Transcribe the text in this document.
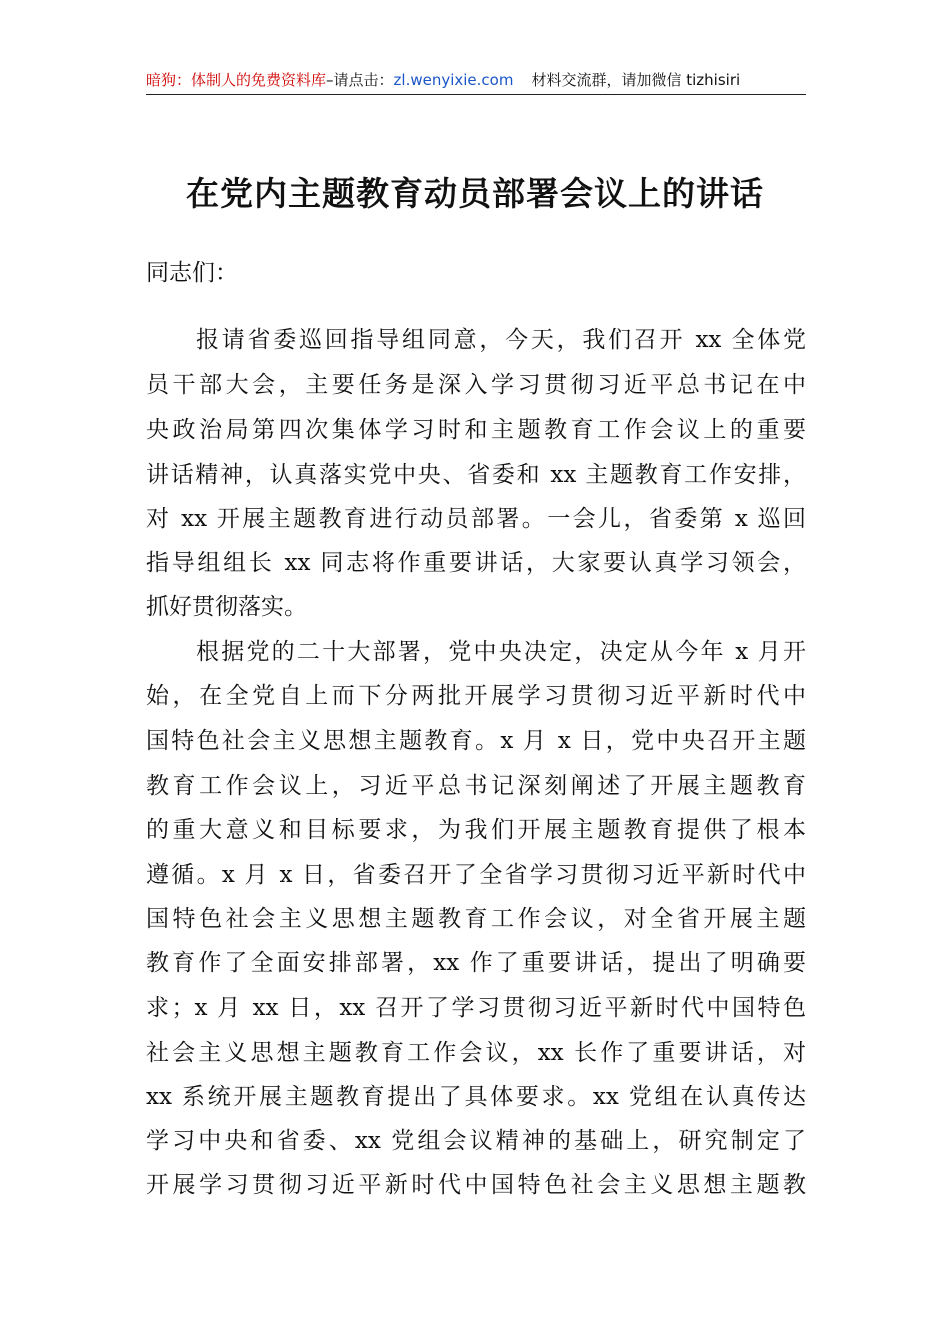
暗狗：体制人的免费资料库–请点击：zl.wenyixie.com 材料交流群，请加微信 tizhisiri
在党内主题教育动员部署会议上的讲话
同志们：
报请省委巡回指导组同意，今天，我们召开 xx 全体党
员干部大会，主要任务是深入学习贯彻习近平总书记在中
央政治局第四次集体学习时和主题教育工作会议上的重要
讲话精神，认真落实党中央、省委和 xx 主题教育工作安排，
对 xx 开展主题教育进行动员部署。一会儿，省委第 x 巡回
指导组组长 xx 同志将作重要讲话，大家要认真学习领会，
抓好贯彻落实。
根据党的二十大部署，党中央决定，决定从今年 x 月开
始，在全党自上而下分两批开展学习贯彻习近平新时代中
国特色社会主义思想主题教育。x 月 x 日，党中央召开主题
教育工作会议上，习近平总书记深刻阐述了开展主题教育
的重大意义和目标要求，为我们开展主题教育提供了根本
遵循。x 月 x 日，省委召开了全省学习贯彻习近平新时代中
国特色社会主义思想主题教育工作会议，对全省开展主题
教育作了全面安排部署，xx 作了重要讲话，提出了明确要
求；x 月 xx 日，xx 召开了学习贯彻习近平新时代中国特色
社会主义思想主题教育工作会议，xx 长作了重要讲话，对
xx 系统开展主题教育提出了具体要求。xx 党组在认真传达
学习中央和省委、xx 党组会议精神的基础上，研究制定了
开展学习贯彻习近平新时代中国特色社会主义思想主题教
